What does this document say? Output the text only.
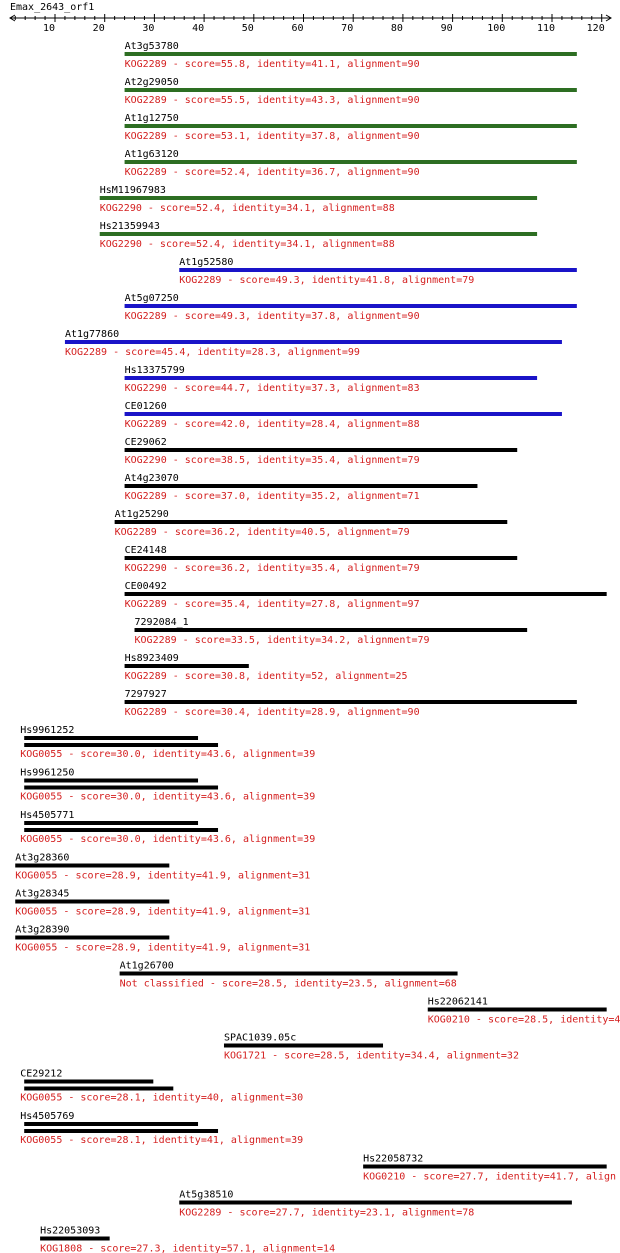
Emax_2643_orf1
10	20	30	40	50	60	70	80	90	100	110	120
At3g53780
KOG2289 - score=55.8, identity=41.1, alignment=90
At2g29050
KOG2289 - score=55.5, identity=43.3, alignment=90
At1g12750
KOG2289 - score=53.1, identity=37.8, alignment=90
At1g63120
KOG2289 - score=52.4, identity=36.7, alignment=90
HsM11967983
KOG2290 - score=52.4, identity=34.1, alignment=88
Hs21359943
KOG2290 - score=52.4, identity=34.1, alignment=88
At1g52580
KOG2289 - score=49.3, identity=41.8, alignment=79
At5g07250
KOG2289 - score=49.3, identity=37.8, alignment=90
At1g77860
KOG2289 - score=45.4, identity=28.3, alignment=99
Hs13375799
KOG2290 - score=44.7, identity=37.3, alignment=83
CE01260
KOG2289 - score=42.0, identity=28.4, alignment=88
CE29062
KOG2290 - score=38.5, identity=35.4, alignment=79
At4g23070
KOG2289 - score=37.0, identity=35.2, alignment=71
At1g25290
KOG2289 - score=36.2, identity=40.5, alignment=79
CE24148
KOG2290 - score=36.2, identity=35.4, alignment=79
CE00492
KOG2289 - score=35.4, identity=27.8, alignment=97
7292084_1
KOG2289 - score=33.5, identity=34.2, alignment=79
Hs8923409
KOG2289 - score=30.8, identity=52, alignment=25
7297927
KOG2289 - score=30.4, identity=28.9, alignment=90
Hs9961252
KOG0055 - score=30.0, identity=43.6, alignment=39
Hs9961250
KOG0055 - score=30.0, identity=43.6, alignment=39
Hs4505771
KOG0055 - score=30.0, identity=43.6, alignment=39
At3g28360
KOG0055 - score=28.9, identity=41.9, alignment=31
At3g28345
KOG0055 - score=28.9, identity=41.9, alignment=31
At3g28390
KOG0055 - score=28.9, identity=41.9, alignment=31
At1g26700
Not classified - score=28.5, identity=23.5, alignment=68
Hs22062141
KOG0210 - score=28.5, identity=4
SPAC1039.05c
KOG1721 - score=28.5, identity=34.4, alignment=32
CE29212
KOG0055 - score=28.1, identity=40, alignment=30
Hs4505769
KOG0055 - score=28.1, identity=41, alignment=39
Hs22058732
KOG0210 - score=27.7, identity=41.7, align
At5g38510
KOG2289 - score=27.7, identity=23.1, alignment=78
Hs22053093
KOG1808 - score=27.3, identity=57.1, alignment=14
